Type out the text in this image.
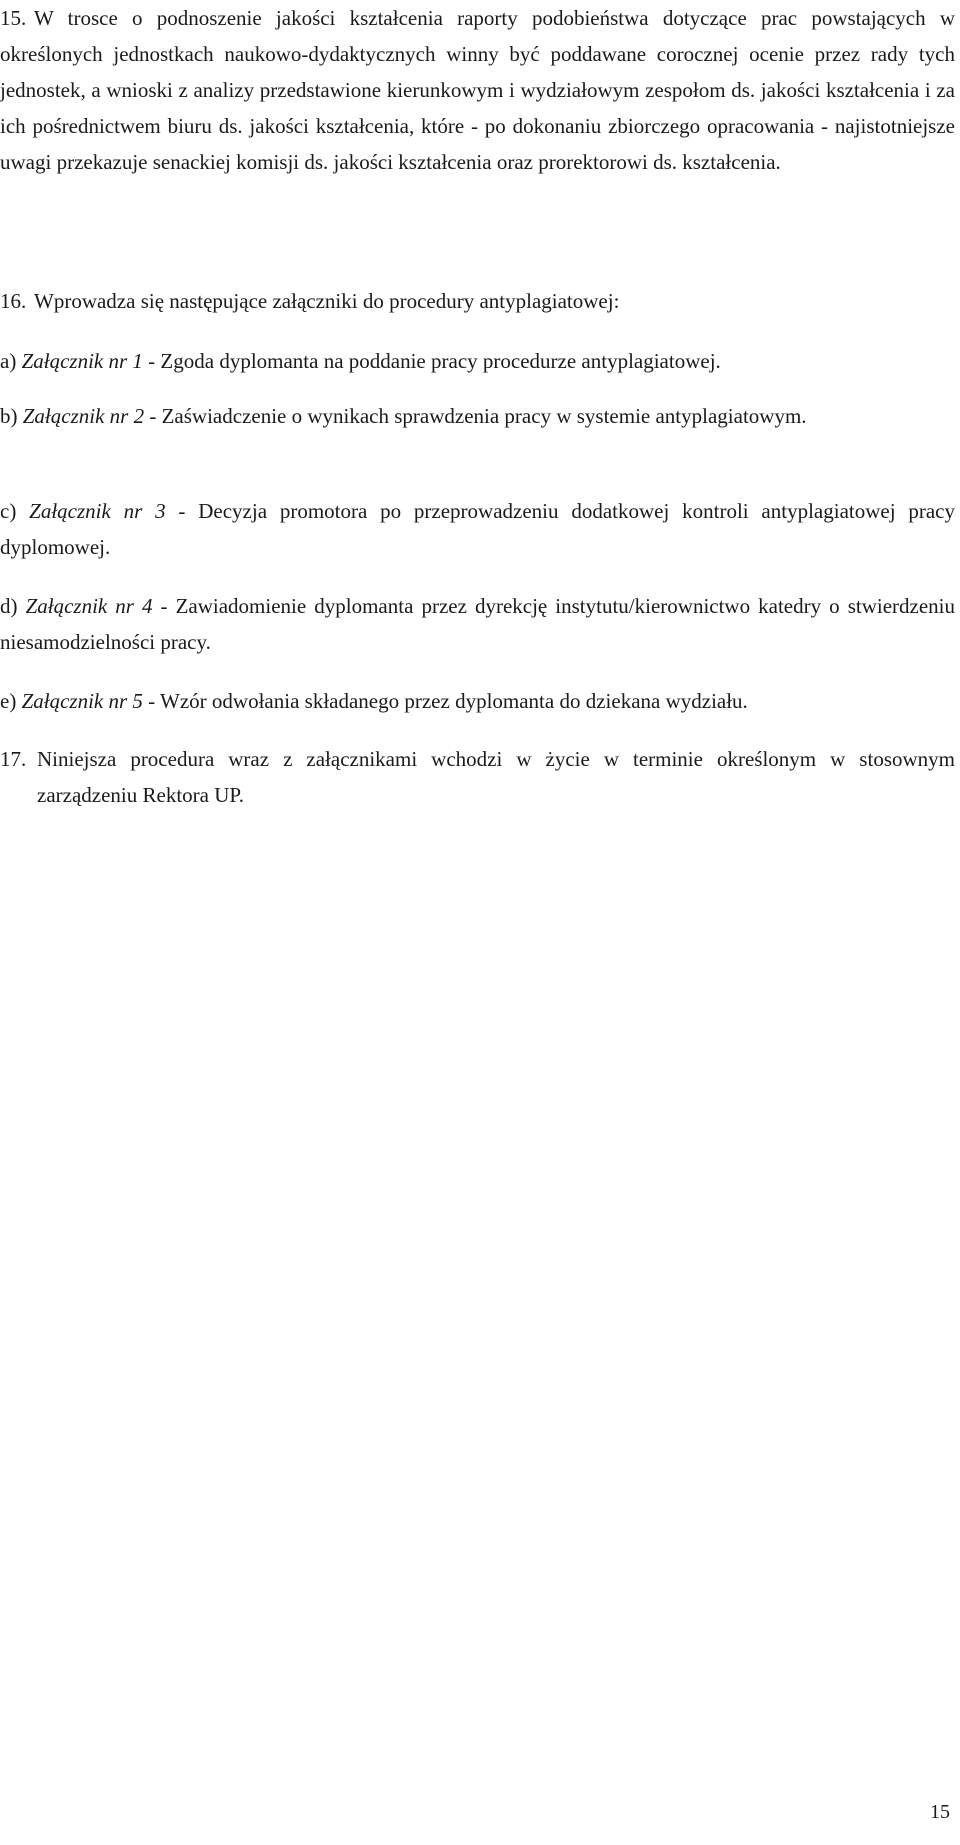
15. W trosce o podnoszenie jakości kształcenia raporty podobieństwa dotyczące prac powstających w określonych jednostkach naukowo-dydaktycznych winny być poddawane corocznej ocenie przez rady tych jednostek, a wnioski z analizy przedstawione kierunkowym i wydziałowym zespołom ds. jakości kształcenia i za ich pośrednictwem biuru ds. jakości kształcenia, które - po dokonaniu zbiorczego opracowania - najistotniejsze uwagi przekazuje senackiej komisji ds. jakości kształcenia oraz prorektorowi ds. kształcenia.
16. Wprowadza się następujące załączniki do procedury antyplagiatowej:
a) Załącznik nr 1 - Zgoda dyplomanta na poddanie pracy procedurze antyplagiatowej.
b) Załącznik nr 2 - Zaświadczenie o wynikach sprawdzenia pracy w systemie antyplagiatowym.
c) Załącznik nr 3 - Decyzja promotora po przeprowadzeniu dodatkowej kontroli antyplagiatowej pracy dyplomowej.
d) Załącznik nr 4 - Zawiadomienie dyplomanta przez dyrekcję instytutu/kierownictwo katedry o stwierdzeniu niesamodzielności pracy.
e) Załącznik nr 5 - Wzór odwołania składanego przez dyplomanta do dziekana wydziału.
17. Niniejsza procedura wraz z załącznikami wchodzi w życie w terminie określonym w stosownym zarządzeniu Rektora UP.
15
